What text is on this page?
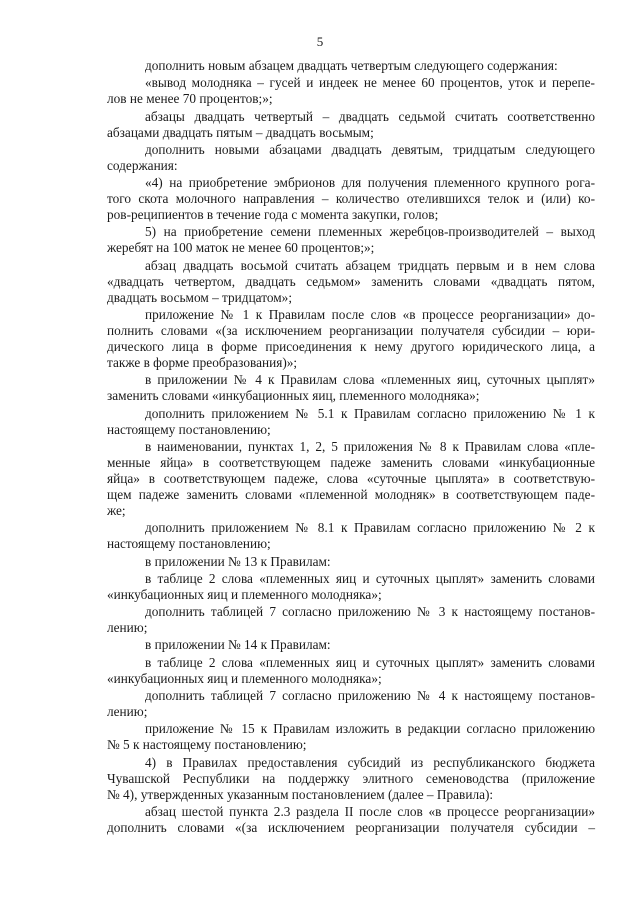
5
дополнить новым абзацем двадцать четвертым следующего содержания:
«вывод молодняка – гусей и индеек не менее 60 процентов, уток и перепе-
лов не менее 70 процентов;»;
абзацы двадцать четвертый – двадцать седьмой считать соответственно
абзацами двадцать пятым – двадцать восьмым;
дополнить новыми абзацами двадцать девятым, тридцатым следующего
содержания:
«4) на приобретение эмбрионов для получения племенного крупного рога-
того скота молочного направления – количество отелившихся телок и (или) ко-
ров-реципиентов в течение года с момента закупки, голов;
5) на приобретение семени племенных жеребцов-производителей – выход
жеребят на 100 маток не менее 60 процентов;»;
абзац двадцать восьмой считать абзацем тридцать первым и в нем слова
«двадцать четвертом, двадцать седьмом» заменить словами «двадцать пятом,
двадцать восьмом – тридцатом»;
приложение № 1 к Правилам после слов «в процессе реорганизации» до-
полнить словами «(за исключением реорганизации получателя субсидии – юри-
дического лица в форме присоединения к нему другого юридического лица, а
также в форме преобразования)»;
в приложении № 4 к Правилам слова «племенных яиц, суточных цыплят»
заменить словами «инкубационных яиц, племенного молодняка»;
дополнить приложением № 5.1 к Правилам согласно приложению № 1 к
настоящему постановлению;
в наименовании, пунктах 1, 2, 5 приложения № 8 к Правилам слова «пле-
менные яйца» в соответствующем падеже заменить словами «инкубационные
яйца» в соответствующем падеже, слова «суточные цыплята» в соответствую-
щем падеже заменить словами «племенной молодняк» в соответствующем паде-
же;
дополнить приложением № 8.1 к Правилам согласно приложению № 2 к
настоящему постановлению;
в приложении № 13 к Правилам:
в таблице 2 слова «племенных яиц и суточных цыплят» заменить словами
«инкубационных яиц и племенного молодняка»;
дополнить таблицей 7 согласно приложению № 3 к настоящему постанов-
лению;
в приложении № 14 к Правилам:
в таблице 2 слова «племенных яиц и суточных цыплят» заменить словами
«инкубационных яиц и племенного молодняка»;
дополнить таблицей 7 согласно приложению № 4 к настоящему постанов-
лению;
приложение № 15 к Правилам изложить в редакции согласно приложению
№ 5 к настоящему постановлению;
4) в Правилах предоставления субсидий из республиканского бюджета
Чувашской Республики на поддержку элитного семеноводства (приложение
№ 4), утвержденных указанным постановлением (далее – Правила):
абзац шестой пункта 2.3 раздела II после слов «в процессе реорганизации»
дополнить словами «(за исключением реорганизации получателя субсидии –
